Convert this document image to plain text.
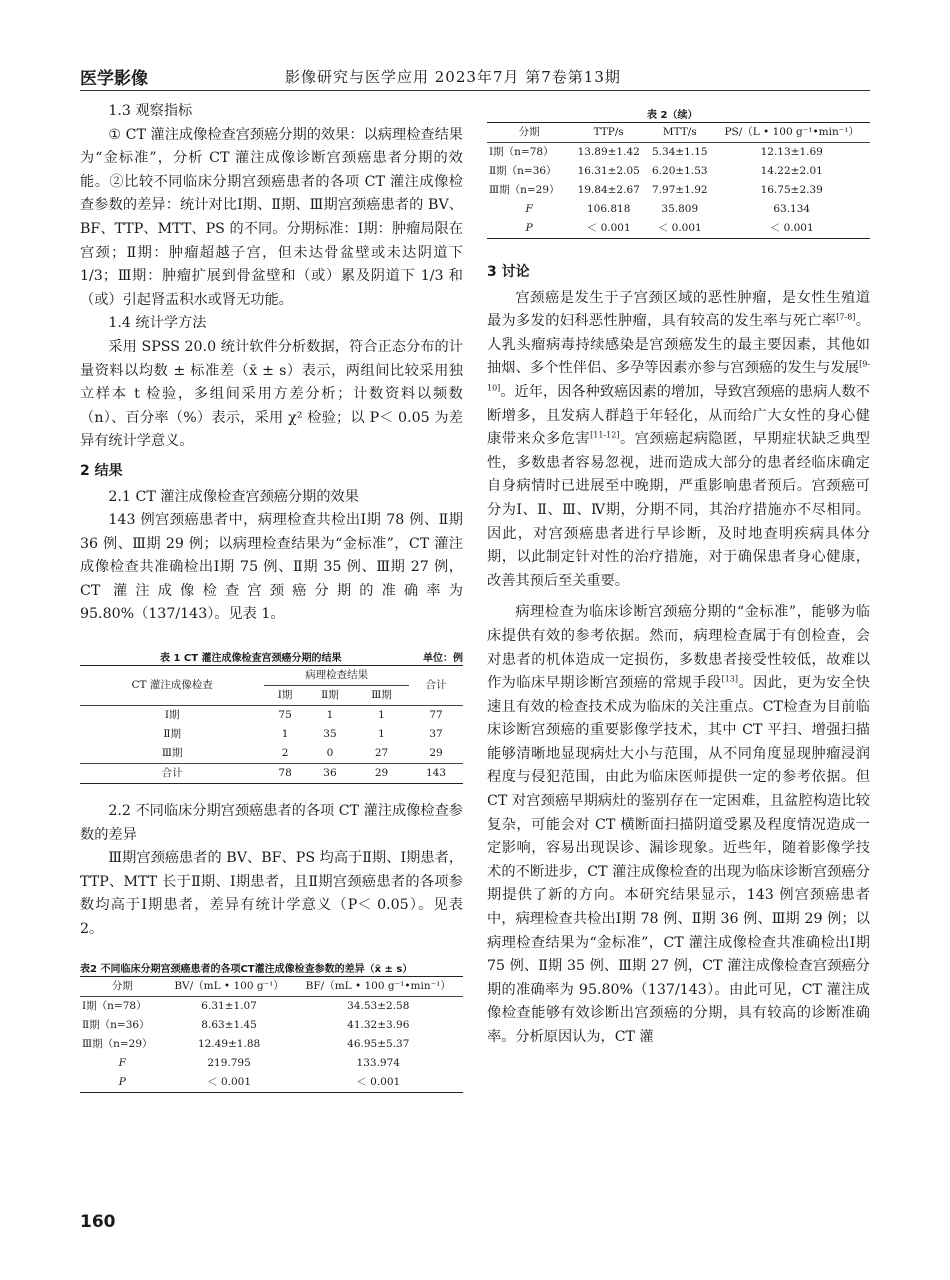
医学影像	影像研究与医学应用 2023年7月 第7卷第13期

1.3 观察指标

① CT 灌注成像检查宫颈癌分期的效果：以病理检查结果为“金标准”，分析 CT 灌注成像诊断宫颈癌患者分期的效能。②比较不同临床分期宫颈癌患者的各项 CT 灌注成像检查参数的差异：统计对比Ⅰ期、Ⅱ期、Ⅲ期宫颈癌患者的 BV、BF、TTP、MTT、PS 的不同。分期标准：Ⅰ期：肿瘤局限在宫颈；Ⅱ期：肿瘤超越子宫，但未达骨盆壁或未达阴道下 1/3；Ⅲ期：肿瘤扩展到骨盆壁和（或）累及阴道下 1/3 和（或）引起肾盂积水或肾无功能。

1.4 统计学方法

采用 SPSS 20.0 统计软件分析数据，符合正态分布的计量资料以均数 ± 标准差（x̄ ± s）表示，两组间比较采用独立样本 t 检验，多组间采用方差分析；计数资料以频数（n）、百分率（%）表示，采用 χ² 检验；以 P＜ 0.05 为差异有统计学意义。

2 结果

2.1 CT 灌注成像检查宫颈癌分期的效果

143 例宫颈癌患者中，病理检查共检出Ⅰ期 78 例、Ⅱ期 36 例、Ⅲ期 29 例；以病理检查结果为“金标准”，CT 灌注成像检查共准确检出Ⅰ期 75 例、Ⅱ期 35 例、Ⅲ期 27 例，CT 灌注成像检查宫颈癌分期的准确率为 95.80%（137/143）。见表 1。

表 1 CT 灌注成像检查宫颈癌分期的结果	单位：例
CT 灌注成像检查	病理检查结果			合计
	Ⅰ期	Ⅱ期	Ⅲ期	
Ⅰ期	75	1	1	77
Ⅱ期	1	35	1	37
Ⅲ期	2	0	27	29
合计	78	36	29	143

2.2 不同临床分期宫颈癌患者的各项 CT 灌注成像检查参数的差异

Ⅲ期宫颈癌患者的 BV、BF、PS 均高于Ⅱ期、Ⅰ期患者，TTP、MTT 长于Ⅱ期、Ⅰ期患者，且Ⅱ期宫颈癌患者的各项参数均高于Ⅰ期患者，差异有统计学意义（P＜ 0.05）。见表 2。

表2 不同临床分期宫颈癌患者的各项CT灌注成像检查参数的差异（x̄ ± s）
分期	BV/（mL • 100 g⁻¹）	BF/（mL • 100 g⁻¹•min⁻¹）
Ⅰ期（n=78）	6.31±1.07	34.53±2.58
Ⅱ期（n=36）	8.63±1.45	41.32±3.96
Ⅲ期（n=29）	12.49±1.88	46.95±5.37
F	219.795	133.974
P	＜ 0.001	＜ 0.001
表 2（续）
分期	TTP/s	MTT/s	PS/（L • 100 g⁻¹•min⁻¹）
Ⅰ期（n=78）	13.89±1.42	5.34±1.15	12.13±1.69
Ⅱ期（n=36）	16.31±2.05	6.20±1.53	14.22±2.01
Ⅲ期（n=29）	19.84±2.67	7.97±1.92	16.75±2.39
F	106.818	35.809	63.134
P	＜ 0.001	＜ 0.001	＜ 0.001

3 讨论

宫颈癌是发生于子宫颈区域的恶性肿瘤，是女性生殖道最为多发的妇科恶性肿瘤，具有较高的发生率与死亡率[7-8]。人乳头瘤病毒持续感染是宫颈癌发生的最主要因素，其他如抽烟、多个性伴侣、多孕等因素亦参与宫颈癌的发生与发展[9-10]。近年，因各种致癌因素的增加，导致宫颈癌的患病人数不断增多，且发病人群趋于年轻化，从而给广大女性的身心健康带来众多危害[11-12]。宫颈癌起病隐匿，早期症状缺乏典型性，多数患者容易忽视，进而造成大部分的患者经临床确定自身病情时已进展至中晚期，严重影响患者预后。宫颈癌可分为Ⅰ、Ⅱ、Ⅲ、Ⅳ期，分期不同，其治疗措施亦不尽相同。因此，对宫颈癌患者进行早诊断，及时地查明疾病具体分期，以此制定针对性的治疗措施，对于确保患者身心健康，改善其预后至关重要。

病理检查为临床诊断宫颈癌分期的“金标准”，能够为临床提供有效的参考依据。然而，病理检查属于有创检查，会对患者的机体造成一定损伤，多数患者接受性较低，故难以作为临床早期诊断宫颈癌的常规手段[13]。因此，更为安全快速且有效的检查技术成为临床的关注重点。CT检查为目前临床诊断宫颈癌的重要影像学技术，其中 CT 平扫、增强扫描能够清晰地显现病灶大小与范围，从不同角度显现肿瘤浸润程度与侵犯范围，由此为临床医师提供一定的参考依据。但 CT 对宫颈癌早期病灶的鉴别存在一定困难，且盆腔构造比较复杂，可能会对 CT 横断面扫描阴道受累及程度情况造成一定影响，容易出现误诊、漏诊现象。近些年，随着影像学技术的不断进步，CT 灌注成像检查的出现为临床诊断宫颈癌分期提供了新的方向。本研究结果显示，143 例宫颈癌患者中，病理检查共检出Ⅰ期 78 例、Ⅱ期 36 例、Ⅲ期 29 例；以病理检查结果为“金标准”，CT 灌注成像检查共准确检出Ⅰ期 75 例、Ⅱ期 35 例、Ⅲ期 27 例，CT 灌注成像检查宫颈癌分期的准确率为 95.80%（137/143）。由此可见，CT 灌注成像检查能够有效诊断出宫颈癌的分期，具有较高的诊断准确率。分析原因认为，CT 灌

160
